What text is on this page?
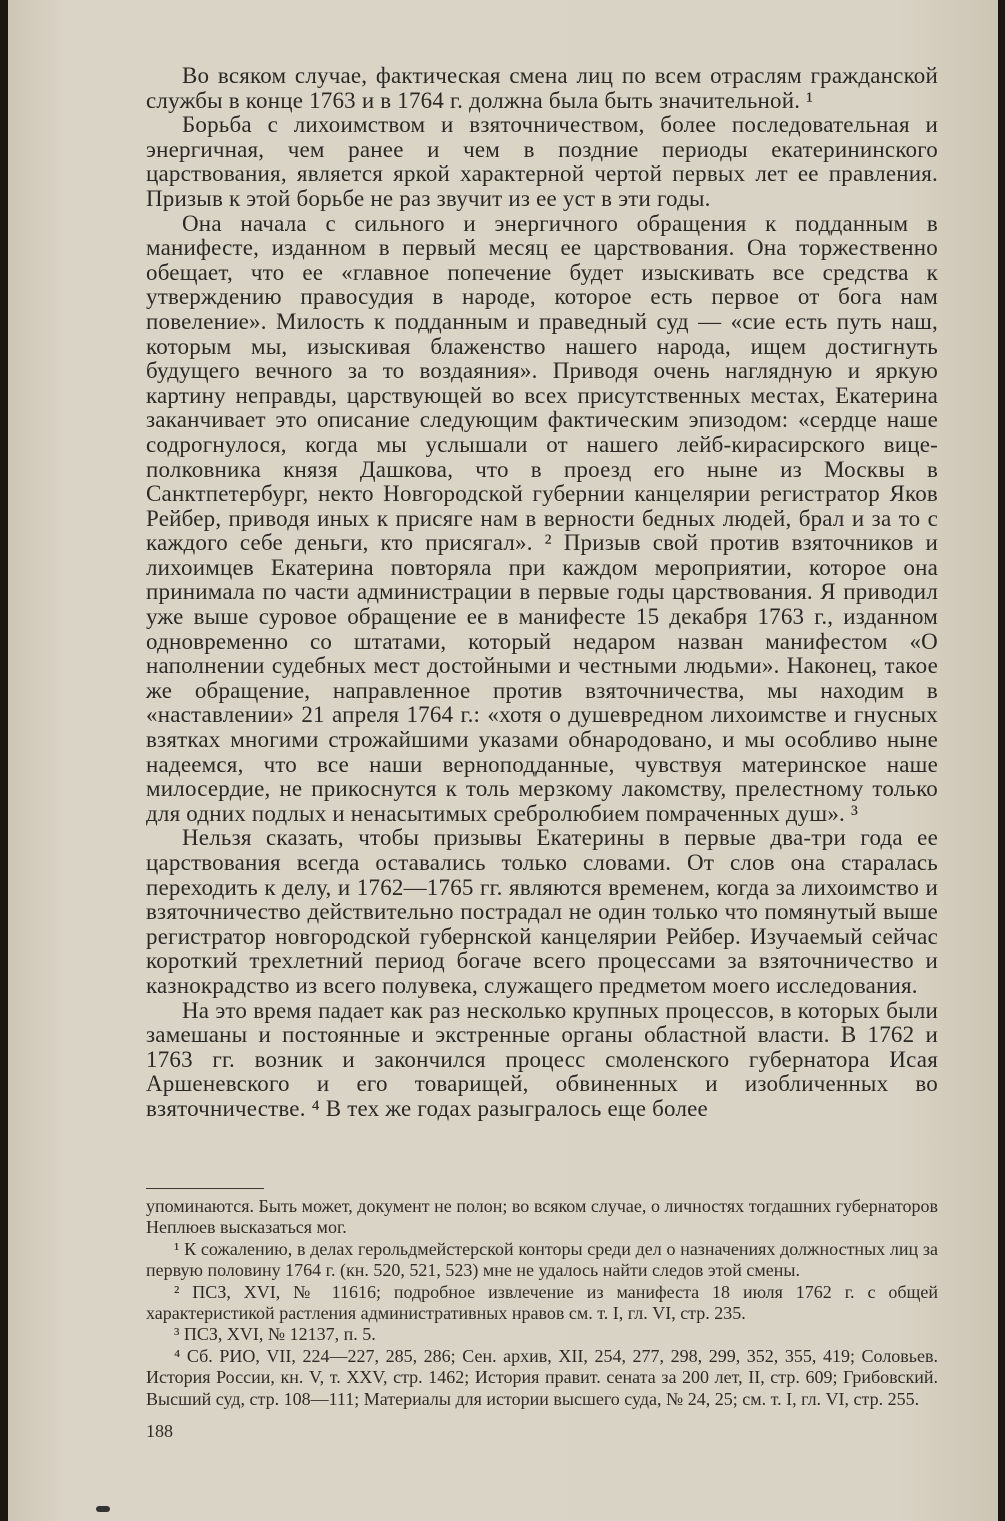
Во всяком случае, фактическая смена лиц по всем отраслям гражданской службы в конце 1763 и в 1764 г. должна была быть значительной. ¹

Борьба с лихоимством и взяточничеством, более последовательная и энергичная, чем ранее и чем в поздние периоды екатерининского царствования, является яркой характерной чертой первых лет ее правления. Призыв к этой борьбе не раз звучит из ее уст в эти годы.

Она начала с сильного и энергичного обращения к подданным в манифесте, изданном в первый месяц ее царствования. Она торжественно обещает, что ее «главное попечение будет изыскивать все средства к утверждению правосудия в народе, которое есть первое от бога нам повеление». Милость к подданным и праведный суд — «сие есть путь наш, которым мы, изыскивая блаженство нашего народа, ищем достигнуть будущего вечного за то воздаяния». Приводя очень наглядную и яркую картину неправды, царствующей во всех присутственных местах, Екатерина заканчивает это описание следующим фактическим эпизодом: «сердце наше содрогнулося, когда мы услышали от нашего лейб-кирасирского вице-полковника князя Дашкова, что в проезд его ныне из Москвы в Санктпетербург, некто Новгородской губернии канцелярии регистратор Яков Рейбер, приводя иных к присяге нам в верности бедных людей, брал и за то с каждого себе деньги, кто присягал». ² Призыв свой против взяточников и лихоимцев Екатерина повторяла при каждом мероприятии, которое она принимала по части администрации в первые годы царствования. Я приводил уже выше суровое обращение ее в манифесте 15 декабря 1763 г., изданном одновременно со штатами, который недаром назван манифестом «О наполнении судебных мест достойными и честными людьми». Наконец, такое же обращение, направленное против взяточничества, мы находим в «наставлении» 21 апреля 1764 г.: «хотя о душевредном лихоимстве и гнусных взятках многими строжайшими указами обнародовано, и мы особливо ныне надеемся, что все наши верноподданные, чувствуя материнское наше милосердие, не прикоснутся к толь мерзкому лакомству, прелестному только для одних подлых и ненасытимых сребролюбием помраченных душ». ³

Нельзя сказать, чтобы призывы Екатерины в первые два-три года ее царствования всегда оставались только словами. От слов она старалась переходить к делу, и 1762—1765 гг. являются временем, когда за лихоимство и взяточничество действительно пострадал не один только что помянутый выше регистратор новгородской губернской канцелярии Рейбер. Изучаемый сейчас короткий трехлетний период богаче всего процессами за взяточничество и казнокрадство из всего полувека, служащего предметом моего исследования.

На это время падает как раз несколько крупных процессов, в которых были замешаны и постоянные и экстренные органы областной власти. В 1762 и 1763 гг. возник и закончился процесс смоленского губернатора Исая Аршеневского и его товарищей, обвиненных и изобличенных во взяточничестве. ⁴ В тех же годах разыгралось еще более

упоминаются. Быть может, документ не полон; во всяком случае, о личностях тогдашних губернаторов Неплюев высказаться мог.

¹ К сожалению, в делах герольдмейстерской конторы среди дел о назначениях должностных лиц за первую половину 1764 г. (кн. 520, 521, 523) мне не удалось найти следов этой смены.

² ПСЗ, XVI, № 11616; подробное извлечение из манифеста 18 июля 1762 г. с общей характеристикой растления административных нравов см. т. I, гл. VI, стр. 235.

³ ПСЗ, XVI, № 12137, п. 5.

⁴ Сб. РИО, VII, 224—227, 285, 286; Сен. архив, XII, 254, 277, 298, 299, 352, 355, 419; Соловьев. История России, кн. V, т. XXV, стр. 1462; История правит. сената за 200 лет, II, стр. 609; Грибовский. Высший суд, стр. 108—111; Материалы для истории высшего суда, № 24, 25; см. т. I, гл. VI, стр. 255.

188
